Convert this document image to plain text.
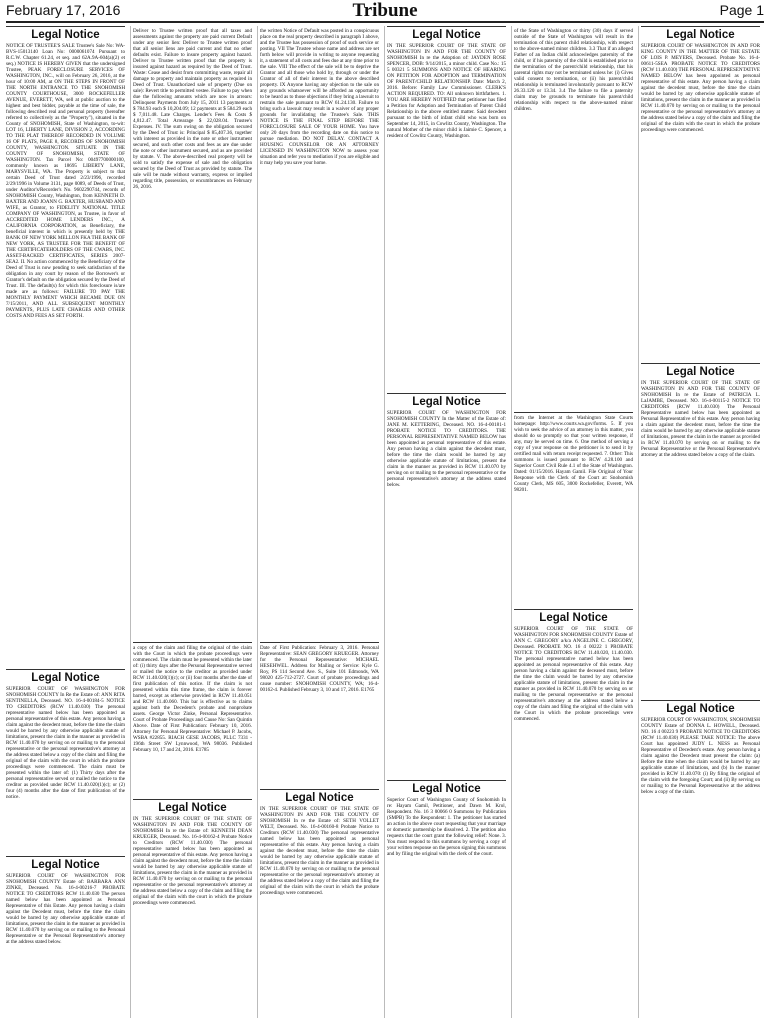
February 17, 2016	Tribune	Page 1
Legal Notice

NOTICE OF TRUSTEE'S SALE Trustee's Sale No: WA-BVS-15013140 Loan No: 0000061074 Pursuant to R.C.W. Chapter 61.24, et seq. and 62A.9A-604(a)(2) et seq.) NOTICE IS HEREBY GIVEN that the undersigned Trustee, PEAK FORECLOSURE SERVICES OF WASHINGTON, INC., will on February 26, 2016, at the hour of 10:00 AM, at ON THE STEPS IN FRONT OF THE NORTH ENTRANCE TO THE SNOHOMISH COUNTY COURTHOUSE, 3000 ROCKEFELLER AVENUE, EVERETT, WA, sell at public auction to the highest and best bidder, payable at the time of sale, the following described real and personal property (hereafter referred to collectively as the "Property"), situated in the County of SNOHOMISH, State of Washington, to-wit: LOT 16, LIBERTY LANE, DIVISION 2, ACCORDING TO THE PLAT THEREOF RECORDED IN VOLUME 16 OF PLATS, PAGE 8, RECORDS OF SNOHOMISH COUNTY, WASHINGTON. SITUATE IN THE COUNTY OF SNOHOMISH, STATE OF WASHINGTON. Tax Parcel No: 00497700000100, commonly known as 18695 LIBERTY LANE, MARYSVILLE, WA. The Property is subject to that certain Deed of Trust dated 2/23/1996, recorded 2/29/1996 in Volume 3131, page 0089, of Deeds of Trust, under Auditor's/Recorder's No. 9602290744, records of SNOHOMISH County, Washington, from KENNETH D. BAXTER AND JOANN G. BAXTER, HUSBAND AND WIFE, as Grantor, to FIDELITY NATIONAL TITLE COMPANY OF WASHINGTON, as Trustee, in favor of ACCREDITED HOME LENDERS INC., A CALIFORNIA CORPORATION, as Beneficiary, the beneficial interest in which is presently held by THE BANK OF NEW YORK MELLON FKA THE BANK OF NEW YORK, AS TRUSTEE FOR THE BENEFIT OF THE CERTIFICATEHOLDERS OF THE CWABS, INC. ASSET-BACKED CERTIFICATES, SERIES 2007-SEA2. II. No action commenced by the Beneficiary of the Deed of Trust is now pending to seek satisfaction of the obligation in any court by reason of the Borrower's or Grantor's default on the obligation secured by the Deed of Trust. III. The default(s) for which this foreclosure is/are made are as follows: FAILURE TO PAY THE MONTHLY PAYMENT WHICH BECAME DUE ON 7/15/2011, AND ALL SUBSEQUENT MONTHLY PAYMENTS, PLUS LATE CHARGES AND OTHER COSTS AND FEES AS SET FORTH.

Legal Notice

SUPERIOR COURT OF WASHINGTON FOR SNOHOMISH COUNTY In Re the Estate of: ANN RITA SENTINELLA, Deceased. NO. 16-4-00184-5 NOTICE TO CREDITORS (RCW 11.40.030) The personal representative named below has been appointed as personal representative of this estate. Any person having a claim against the decedent must, before the time the claim would be barred by any otherwise applicable statute of limitations, present the claim in the manner as provided in RCW 11.40.070 by serving on or mailing to the personal representative or the personal representative's attorney at the address stated below a copy of the claim and filing the original of the claim with the court in which the probate proceedings were commenced. The claim must be presented within the later of: (1) Thirty days after the personal representative served or mailed the notice to the creditor as provided under RCW 11.40.020(1)(c); or (2) four (4) months after the date of first publication of the notice.

Legal Notice

SUPERIOR COURT OF WASHINGTON FOR SNOHOMISH COUNTY Estate of: BARBARA ANN ZINKE, Deceased. No. 16-4-00216-7 PROBATE NOTICE TO CREDITORS RCW 11.40.030 The person named below has been appointed as Personal Representative of this Estate. Any person having a claim against the Decedent must, before the time the claim would be barred by any otherwise applicable statute of limitations, present the claim in the manner as provided in RCW 11.40.070 by serving on or mailing to the Personal Representative or the Personal Representative's attorney at the address stated below.

Deliver to Trustee written proof that all taxes and assessments against the property are paid current Default under any senior lien: Deliver to Trustee written proof that all senior liens are paid current and that no other defaults exist. Failure to insure property against hazard. Deliver to Trustee written proof that the property is insured against hazard as required by the Deed of Trust. Waste: Cease and desist from committing waste, repair all damage to property and maintain property as required in Deed of Trust. Unauthorized sale of property (Due on sale): Revert title to permitted vestee. Failure to pay when due the following amounts which are now in arrears: Delinquent Payments from July 15, 2011 13 payments at $ 784.93 each $ 10,204.09; 12 payments at $ 584.29 each $ 7,011.48. Late Charges. Lender's Fees & Costs $ 4,812.47. Total Arrearage $ 22,028.04. Trustee's Expenses. IV. The sum owing on the obligation secured by the Deed of Trust is: Principal $ 85,407.36, together with interest as provided in the note or other instrument secured, and such other costs and fees as are due under the note or other instrument secured, and as are provided by statute. V. The above-described real property will be sold to satisfy the expense of sale and the obligation secured by the Deed of Trust as provided by statute. The sale will be made without warranty, express or implied regarding title, possession, or encumbrances on February 26, 2016.

a copy of the claim and filing the original of the claim with the Court in which the probate proceedings were commenced. The claim must be presented within the later of: (i) thirty days after the Personal Representative served or mailed the notice to the creditor as provided under RCW 11.40.020(1)(c); or (ii) four months after the date of first publication of this notice. If the claim is not presented within this time frame, the claim is forever barred, except as otherwise provided in RCW 11.40.051 and RCW 11.40.060. This bar is effective as to claims against both the Decedent's probate and nonprobate assets. George Victor Zinke, Personal Representative. Court of Probate Proceedings and Cause No: San Quintin Above. Date of First Publication: February 10, 2016. Attorney for Personal Representative: Michael P. Jacobs, WSBA #22855. RIACH GESE JACOBS, PLLC 7331 - 196th Street SW Lynnwood, WA 98036. Published February 10, 17 and 24, 2016. E1785

Legal Notice

IN THE SUPERIOR COURT OF THE STATE OF WASHINGTON IN AND FOR THE COUNTY OF SNOHOMISH In re the Estate of: KENNETH DEAN KRUEGER, Deceased. No. 16-4-00162-4 Probate Notice to Creditors (RCW 11.40.030) The personal representative named below has been appointed as personal representative of this estate. Any person having a claim against the decedent must, before the time the claim would be barred by any otherwise applicable statute of limitations, present the claim in the manner as provided in RCW 11.40.070 by serving on or mailing to the personal representative or the personal representative's attorney at the address stated below a copy of the claim and filing the original of the claim with the court in which the probate proceedings were commenced.

the written Notice of Default was posted in a conspicuous place on the real property described in paragraph I above, and the Trustee has possession of proof of such service or posting. VII The Trustee whose name and address are set forth below will provide in writing to anyone requesting it, a statement of all costs and fees due at any time prior to the sale. VIII The effect of the sale will be to deprive the Grantor and all those who hold by, through or under the Grantor of all of their interest in the above described property. IX Anyone having any objection to the sale on any grounds whatsoever will be afforded an opportunity to be heard as to those objections if they bring a lawsuit to restrain the sale pursuant to RCW 61.24.130. Failure to bring such a lawsuit may result in a waiver of any proper grounds for invalidating the Trustee's Sale. THIS NOTICE IS THE FINAL STEP BEFORE THE FORECLOSURE SALE OF YOUR HOME. You have only 20 days from the recording date on this notice to pursue mediation. DO NOT DELAY. CONTACT A HOUSING COUNSELOR OR AN ATTORNEY LICENSED IN WASHINGTON NOW to assess your situation and refer you to mediation if you are eligible and it may help you save your home.

Date of First Publication: February 3, 2016. Personal Representative: SEAN GREGORY KRUEGER. Attorney for the Personal Representative: MICHAEL HESEHWEL. Address for Mailing or Service: Kyle G. Roy, PS 114 Second Ave. S., Suite 101 Edmonds, WA 98020 425-712-2727. Court of probate proceedings and cause number: SNOHOMISH COUNTY, WA; 16-4-00162-4. Published February 3, 10 and 17, 2016. E1765

Legal Notice

IN THE SUPERIOR COURT OF THE STATE OF WASHINGTON IN AND FOR THE COUNTY OF SNOHOMISH In re the Estate of: SETH VOLLET WELT, Deceased. No. 16-4-00160-8 Probate Notice to Creditors (RCW 11.40.030) The personal representative named below has been appointed as personal representative of this estate. Any person having a claim against the decedent must, before the time the claim would be barred by any otherwise applicable statute of limitations, present the claim in the manner as provided in RCW 11.40.070 by serving on or mailing to the personal representative or the personal representative's attorney at the address stated below a copy of the claim and filing the original of the claim with the court in which the probate proceedings were commenced.

Legal Notice

IN THE SUPERIOR COURT OF THE STATE OF WASHINGTON IN AND FOR THE COUNTY OF SNOHOMISH In re the Adoption of: JAYDEN ROSE SPENCER, DOB: 9/14/2015, a minor child. Case No.: 15 5 00321 5 SUMMONS AND NOTICE OF HEARING ON PETITION FOR ADOPTION and TERMINATION OF PARENT/CHILD RELATIONSHIP. Date: March 2, 2016. Before: Family Law Commissioner. CLERK'S ACTION REQUIRED. TO: All unknown birthfathers. 1. YOU ARE HEREBY NOTIFIED that petitioner has filed a Petition for Adoption and Termination of Parent Child Relationship in the above entitled matter. Said decedent pursuant to the birth of infant child who was born on September 14, 2015, in Cowlitz County, Washington. The natural Mother of the minor child is Jaimie C. Spencer, a resident of Cowlitz County, Washington.

Legal Notice

SUPERIOR COURT OF WASHINGTON FOR SNOHOMISH COUNTY In the Matter of the Estate of: JANE M. KETTERING, Deceased. NO. 16-4-00181-1 PROBATE NOTICE TO CREDITORS. THE PERSONAL REPRESENTATIVE NAMED BELOW has been appointed as personal representative of this estate. Any person having a claim against the decedent must, before the time the claim would be barred by any otherwise applicable statute of limitations, present the claim in the manner as provided in RCW 11.40.070 by serving on or mailing to the personal representative or the personal representative's attorney at the address stated below.

Legal Notice

Superior Court of Washington County of Snohomish In re: Hayam Gamil, Petitioner, and Dawn M. Krol, Respondent. No. 16 3 00066 0 Summons by Publication (SMPB) To the Respondent: 1. The petitioner has started an action in the above court requesting that your marriage or domestic partnership be dissolved. 2. The petition also requests that the court grant the following relief: None. 3. You must respond to this summons by serving a copy of your written response on the person signing this summons and by filing the original with the clerk of the court.

of the State of Washington or thirty (30) days if served outside of the State of Washington will result in the termination of this parent child relationship, with respect to the above-named minor children. 3.3 That if an alleged Father of an Indian child acknowledges paternity of the child, or if his paternity of the child is established prior to the termination of the parent/child relationship, that his parental rights may not be terminated unless he: (i) Gives valid consent to termination, or (ii) his parent/child relationship is terminated involuntarily pursuant to RCW 26.33.120 or 13.34. 3.4 The failure to file a paternity claim may be grounds to terminate his parent/child relationship with respect to the above-named minor children.

from the Internet at the Washington State Courts homepage: http://www.courts.wa.gov/forms. 5. If you wish to seek the advice of an attorney in this matter, you should do so promptly so that your written response, if any, may be served on time. 6. One method of serving a copy of your response on the petitioner is to send it by certified mail with return receipt requested. 7. Other: This summons is issued pursuant to RCW 4.28.100 and Superior Court Civil Rule 4.1 of the State of Washington. Dated: 01/15/2016. Hayam Gamil. File Original of Your Response with the Clerk of the Court at: Snohomish County Clerk, MS 605, 3000 Rockefeller, Everett, WA 98201.

Legal Notice

SUPERIOR COURT OF THE STATE OF WASHINGTON FOR SNOHOMISH COUNTY Estate of ANN C. GREGORY a/k/a ANGELINE C. GREGORY, Deceased. PROBATE NO. 16 4 00222 1 PROBATE NOTICE TO CREDITORS RCW 11.40.020, 11.40.030. The personal representative named below has been appointed as personal representative of this estate. Any person having a claim against the deceased must, before the time the claim would be barred by any otherwise applicable statute of limitations, present the claim in the manner as provided in RCW 11.40.070 by serving on or mailing to the personal representative or the personal representative's attorney at the address stated below a copy of the claim and filing the original of the claim with the Court in which the probate proceedings were commenced.

Legal Notice

SUPERIOR COURT OF WASHINGTON IN AND FOR KING COUNTY IN THE MATTER OF THE ESTATE OF LOIS P. MEYERS, Deceased. Probate No. 16-4-00611-5SEA PROBATE NOTICE TO CREDITORS (RCW 11.40.030) THE PERSONAL REPRESENTATIVE NAMED BELOW has been appointed as personal representative of this estate. Any person having a claim against the decedent must, before the time the claim would be barred by any otherwise applicable statute of limitations, present the claim in the manner as provided in RCW 11.40.070 by serving on or mailing to the personal representative or the personal representative's attorney at the address stated below a copy of the claim and filing the original of the claim with the court in which the probate proceedings were commenced.

Legal Notice

IN THE SUPERIOR COURT OF THE STATE OF WASHINGTON IN AND FOR THE COUNTY OF SNOHOMISH In re the Estate of PATRICIA L. LaJAMBE, Deceased. NO. 16-4-00115-2 NOTICE TO CREDITORS (RCW 11.40.030) The Personal Representative named below has been appointed as Personal Representative of this estate. Any person having a claim against the decedent must, before the time the claim would be barred by any otherwise applicable statute of limitations, present the claim in the manner as provided in RCW 11.40.070 by serving on or mailing to the Personal Representative or the Personal Representative's attorney at the address stated below a copy of the claim.

Legal Notice

SUPERIOR COURT OF WASHINGTON, SNOHOMISH COUNTY Estate of DONNA L. HOWELL, Deceased. NO. 16 4 00223 9 PROBATE NOTICE TO CREDITORS (RCW 11.40.030) PLEASE TAKE NOTICE: The above Court has appointed JUDY L. NESS as Personal Representative of Decedent's estate. Any person having a claim against the Decedent must present the claim: (a) Before the time when the claim would be barred by any applicable statute of limitations, and (b) In the manner provided in RCW 11.40.070: (i) By filing the original of the claim with the foregoing Court; and (ii) By serving on or mailing to the Personal Representative at the address below a copy of the claim.
